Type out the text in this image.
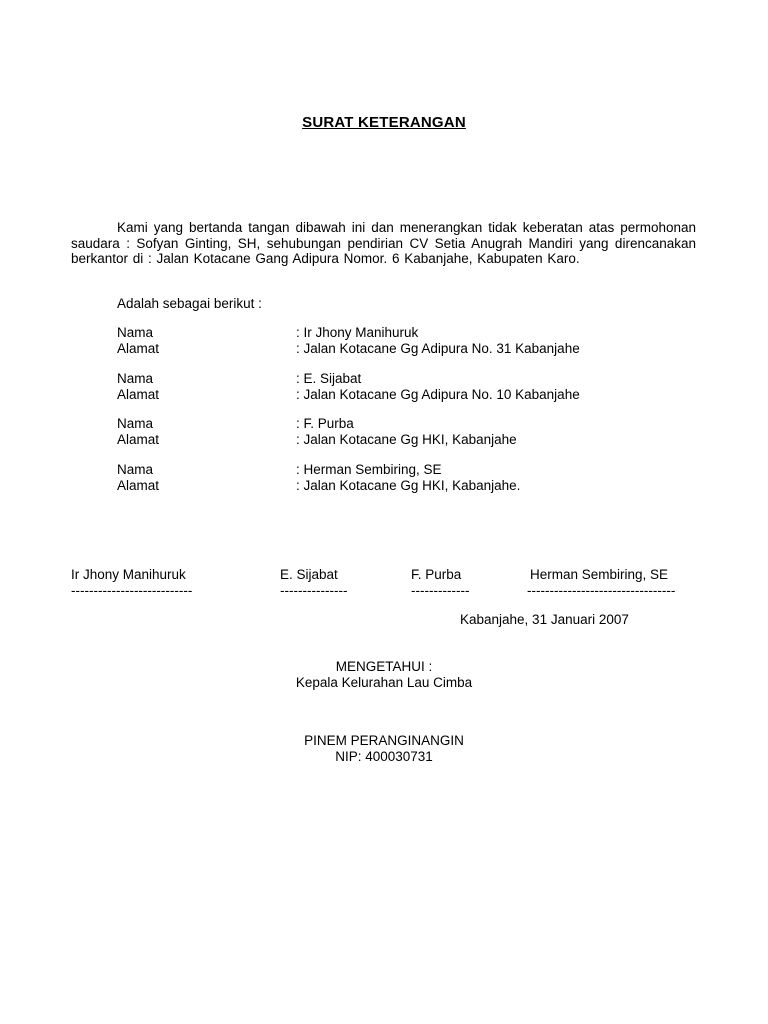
SURAT KETERANGAN

Kami yang bertanda tangan dibawah ini dan menerangkan tidak keberatan atas permohonan saudara : Sofyan Ginting, SH, sehubungan pendirian CV Setia Anugrah Mandiri yang direncanakan berkantor di : Jalan Kotacane Gang Adipura Nomor. 6 Kabanjahe, Kabupaten Karo.

Adalah sebagai berikut :
Nama	: Ir Jhony Manihuruk
Alamat	: Jalan Kotacane Gg Adipura No. 31 Kabanjahe
Nama	: E. Sijabat
Alamat	: Jalan Kotacane Gg Adipura No. 10 Kabanjahe
Nama	: F. Purba
Alamat	: Jalan Kotacane Gg HKI, Kabanjahe
Nama	: Herman Sembiring, SE
Alamat	: Jalan Kotacane Gg HKI, Kabanjahe.
Ir Jhony Manihuruk
---------------------------
E. Sijabat
---------------
F. Purba
-------------
Herman Sembiring, SE
---------------------------------
Kabanjahe, 31 Januari 2007
MENGETAHUI :
Kepala Kelurahan Lau Cimba
PINEM PERANGINANGIN
NIP: 400030731
